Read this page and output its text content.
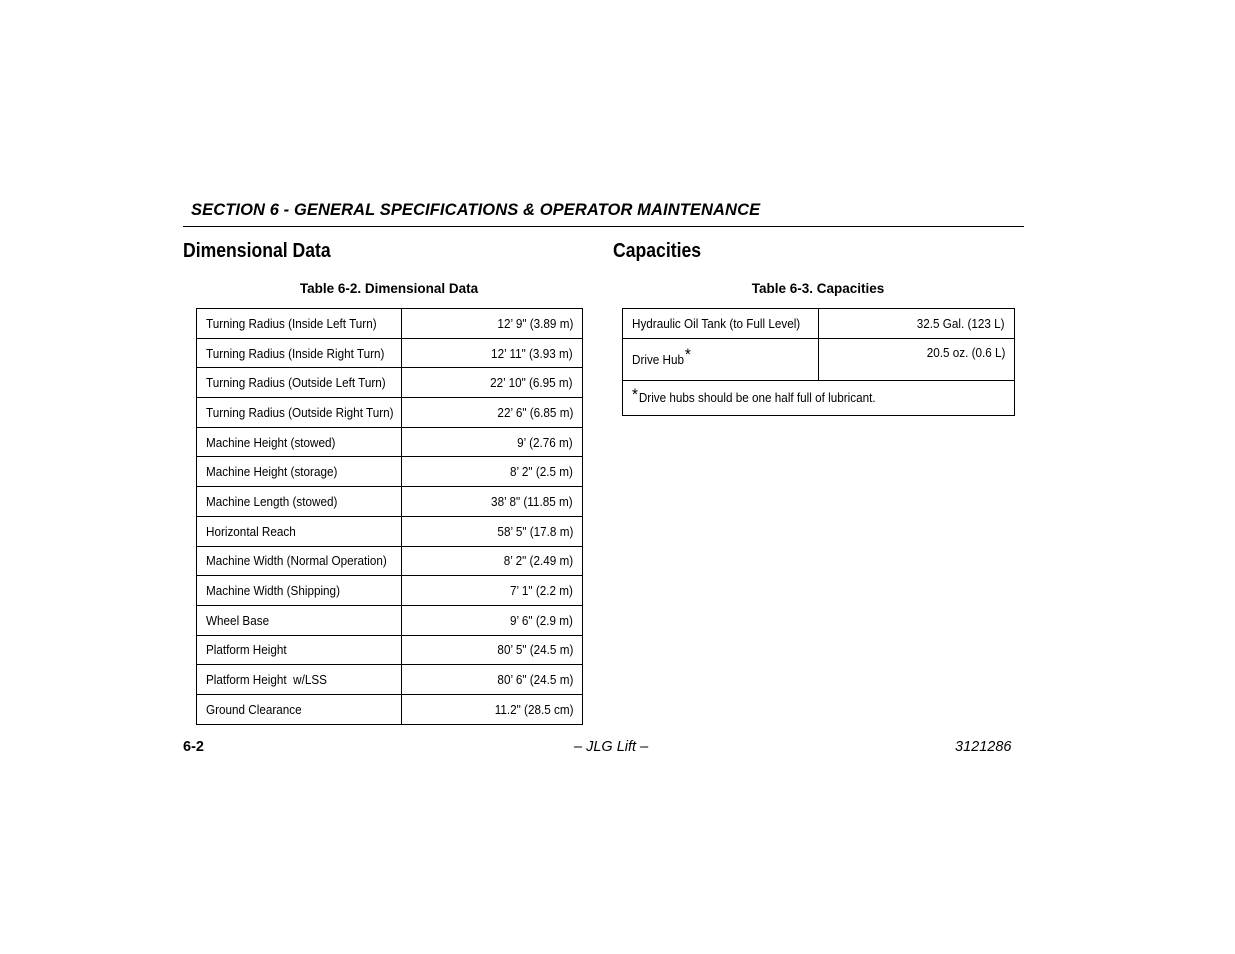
SECTION 6 - GENERAL SPECIFICATIONS & OPERATOR MAINTENANCE
Dimensional Data	Capacities
Table 6-2. Dimensional Data	Table 6-3. Capacities
Turning Radius (Inside Left Turn)	12’ 9" (3.89 m)
Turning Radius (Inside Right Turn)	12’ 11" (3.93 m)
Turning Radius (Outside Left Turn)	22’ 10" (6.95 m)
Turning Radius (Outside Right Turn)	22’ 6" (6.85 m)
Machine Height (stowed)	9’ (2.76 m)
Machine Height (storage)	8’ 2" (2.5 m)
Machine Length (stowed)	38’ 8" (11.85 m)
Horizontal Reach	58’ 5" (17.8 m)
Machine Width (Normal Operation)	8’ 2" (2.49 m)
Machine Width (Shipping)	7’ 1" (2.2 m)
Wheel Base	9’ 6" (2.9 m)
Platform Height	80’ 5" (24.5 m)
Platform Height  w/LSS	80’ 6" (24.5 m)
Ground Clearance	11.2" (28.5 cm)
Hydraulic Oil Tank (to Full Level)	32.5 Gal. (123 L)
Drive Hub*	20.5 oz. (0.6 L)
*Drive hubs should be one half full of lubricant.	
6-2	– JLG Lift –	3121286
